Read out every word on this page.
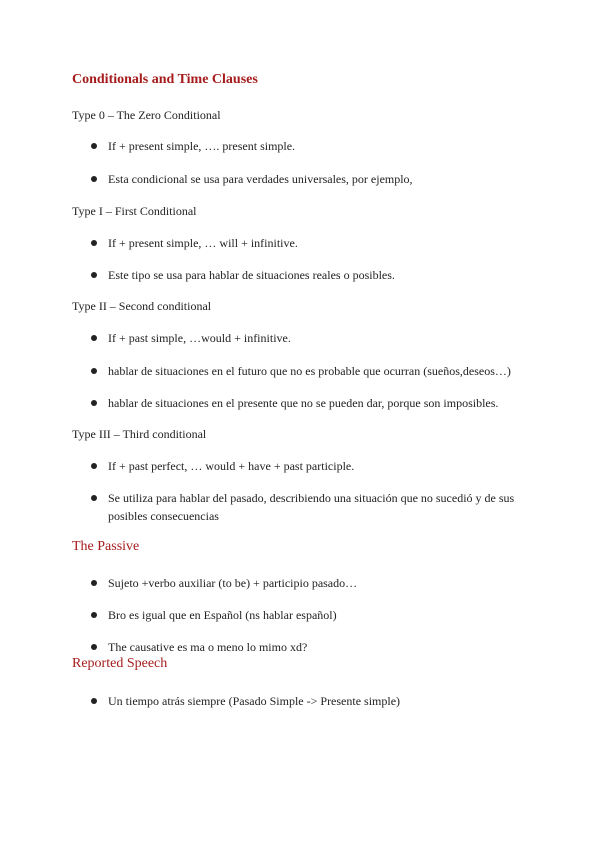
Conditionals and Time Clauses
Type 0 – The Zero Conditional
If + present simple, …. present simple.
Esta condicional se usa para verdades universales, por ejemplo,
Type I – First Conditional
If + present simple, … will + infinitive.
Este tipo se usa para hablar de situaciones reales o posibles.
Type II – Second conditional
If + past simple, …would + infinitive.
hablar de situaciones en el futuro que no es probable que ocurran (sueños,deseos…)
hablar de situaciones en el presente que no se pueden dar, porque son imposibles.
Type III – Third conditional
If + past perfect, … would + have + past participle.
Se utiliza para hablar del pasado, describiendo una situación que no sucedió y de sus posibles consecuencias
The Passive
Sujeto +verbo auxiliar (to be) + participio pasado…
Bro es igual que en Español (ns hablar español)
The causative es ma o meno lo mimo xd?
Reported Speech
Un tiempo atrás siempre (Pasado Simple -> Presente simple)
